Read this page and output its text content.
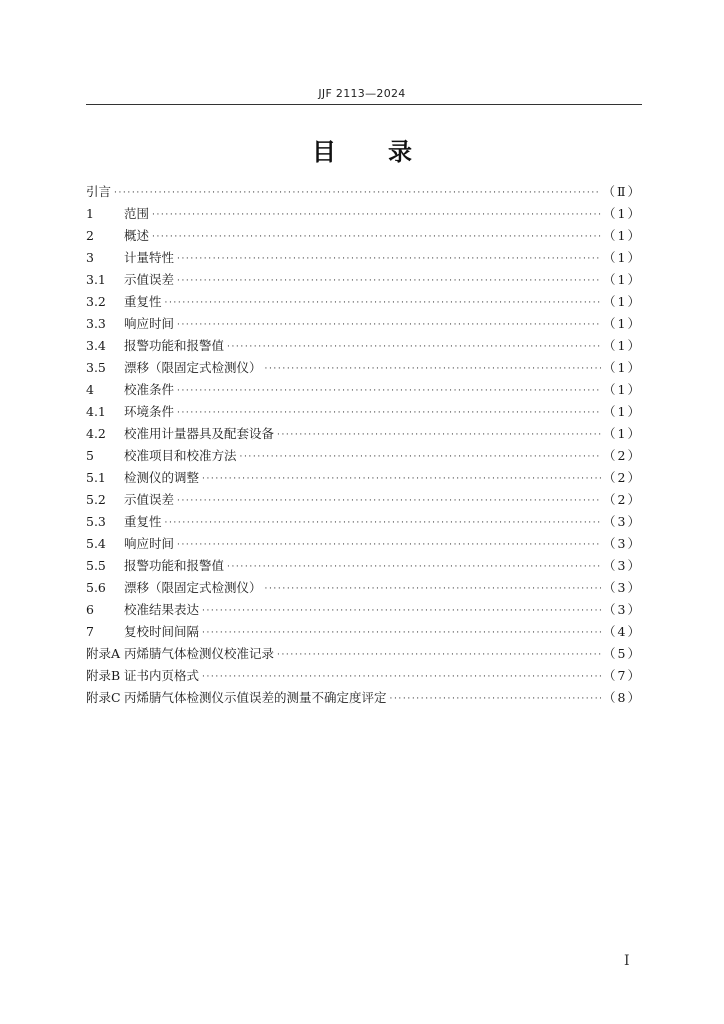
JJF 2113—2024
目 录
引言 ·····	（Ⅱ）
1	范围 ·····	（1）
2	概述 ·····	（1）
3	计量特性 ·····	（1）
3.1	示值误差 ·····	（1）
3.2	重复性 ·····	（1）
3.3	响应时间 ·····	（1）
3.4	报警功能和报警值 ·····	（1）
3.5	漂移（限固定式检测仪） ·····	（1）
4	校准条件 ·····	（1）
4.1	环境条件 ·····	（1）
4.2	校准用计量器具及配套设备 ·····	（1）
5	校准项目和校准方法 ·····	（2）
5.1	检测仪的调整 ·····	（2）
5.2	示值误差 ·····	（2）
5.3	重复性 ·····	（3）
5.4	响应时间 ·····	（3）
5.5	报警功能和报警值 ·····	（3）
5.6	漂移（限固定式检测仪） ·····	（3）
6	校准结果表达 ·····	（3）
7	复校时间间隔 ·····	（4）
附录A 丙烯腈气体检测仪校准记录 ·····	（5）
附录B 证书内页格式 ·····	（7）
附录C 丙烯腈气体检测仪示值误差的测量不确定度评定 ·····	（8）
Ⅰ
